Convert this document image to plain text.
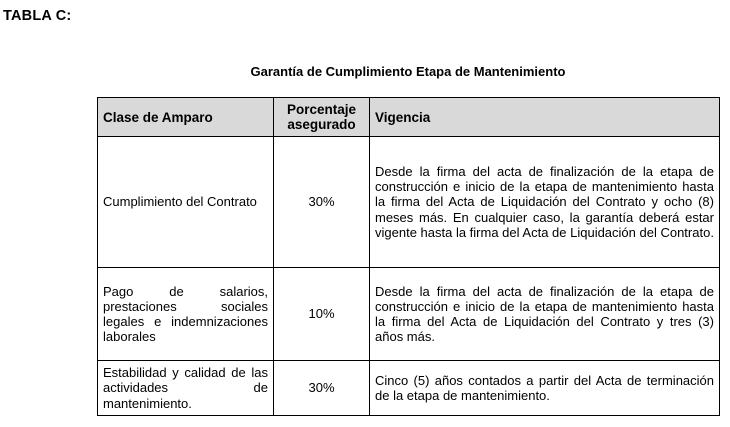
TABLA C:
Garantía de Cumplimiento Etapa de Mantenimiento
Clase de Amparo	Porcentaje asegurado	Vigencia
Cumplimiento del Contrato	30%	Desde la firma del acta de finalización de la etapa de construcción e inicio de la etapa de mantenimiento hasta la firma del Acta de Liquidación del Contrato y ocho (8) meses más. En cualquier caso, la garantía deberá estar vigente hasta la firma del Acta de Liquidación del Contrato.
Pago de salarios, prestaciones sociales legales e indemnizaciones laborales	10%	Desde la firma del acta de finalización de la etapa de construcción e inicio de la etapa de mantenimiento hasta la firma del Acta de Liquidación del Contrato y tres (3) años más.
Estabilidad y calidad de las actividades de mantenimiento.	30%	Cinco (5) años contados a partir del Acta de terminación de la etapa de mantenimiento.
